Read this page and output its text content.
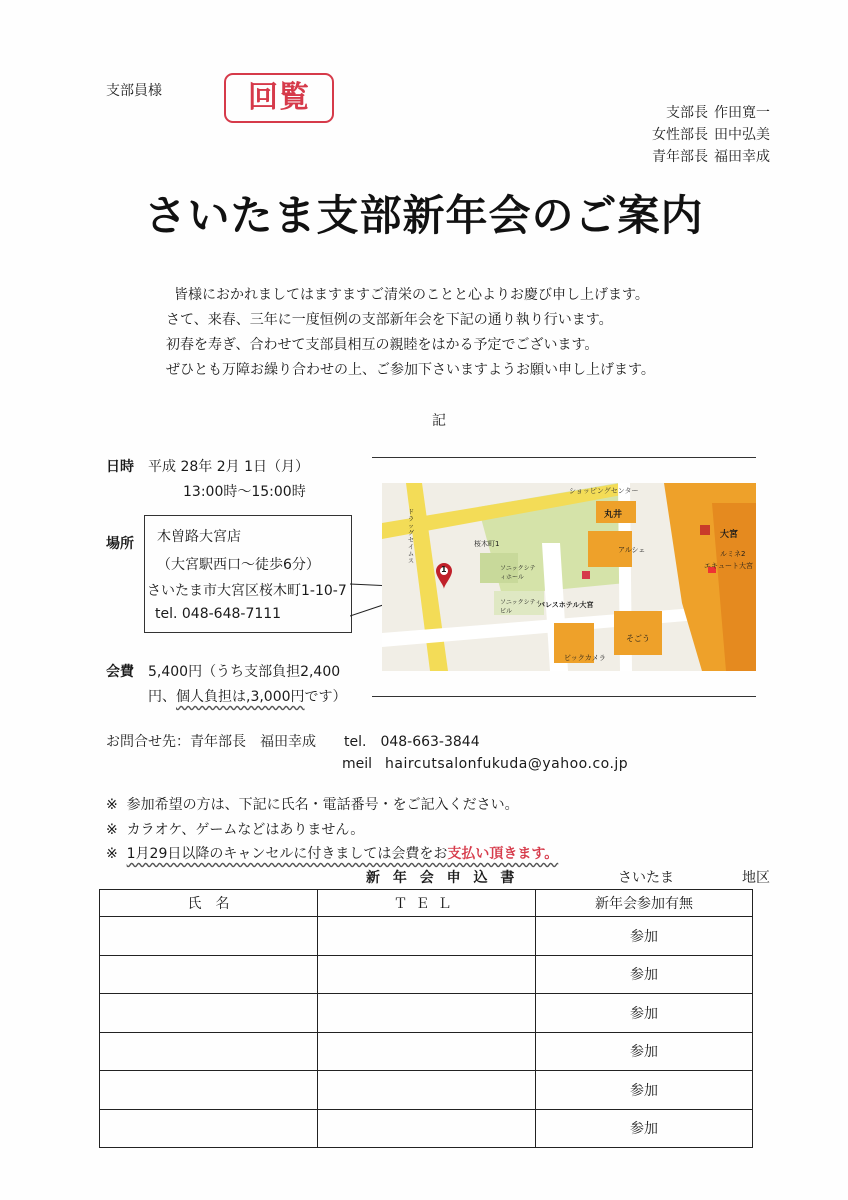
支部員様	回覧	支部長 作田寛一
女性部長 田中弘美
青年部長 福田幸成
さいたま支部新年会のご案内
皆様におかれましてはますますご清栄のことと心よりお慶び申し上げます。
さて、来春、三年に一度恒例の支部新年会を下記の通り執り行います。
初春を寿ぎ、合わせて支部員相互の親睦をはかる予定でございます。
ぜひとも万障お繰り合わせの上、ご参加下さいますようお願い申し上げます。
記
日時 平成 28年 2月 1日（月）
13:00時～15:00時
場所 木曽路大宮店
（大宮駅西口～徒歩6分）
さいたま市大宮区桜木町1-10-7
tel. 048-648-7111
ショッピングセンター
丸井
大宮
ルミネ2
エキュート大宮
アルシェ
桜木町1
ソニックシティホール
ソニックシティビル
パレスホテル大宮
ビックカメラ
そごう
ドラッグセイムス
1
会費 5,400円（うち支部負担2,400
円、個人負担は,3,000円です）
お問合せ先：青年部長　福田幸成 tel.　048-663-3844
meil haircutsalonfukuda@yahoo.co.jp
※ 参加希望の方は、下記に氏名・電話番号・をご記入ください。
※ カラオケ、ゲームなどはありません。
※ 1月29日以降のキャンセルに付きましては会費をお支払い頂きます。
新 年 会 申 込 書	さいたま	地区
氏　名	ＴＥＬ	新年会参加有無
		参加
		参加
		参加
		参加
		参加
		参加
